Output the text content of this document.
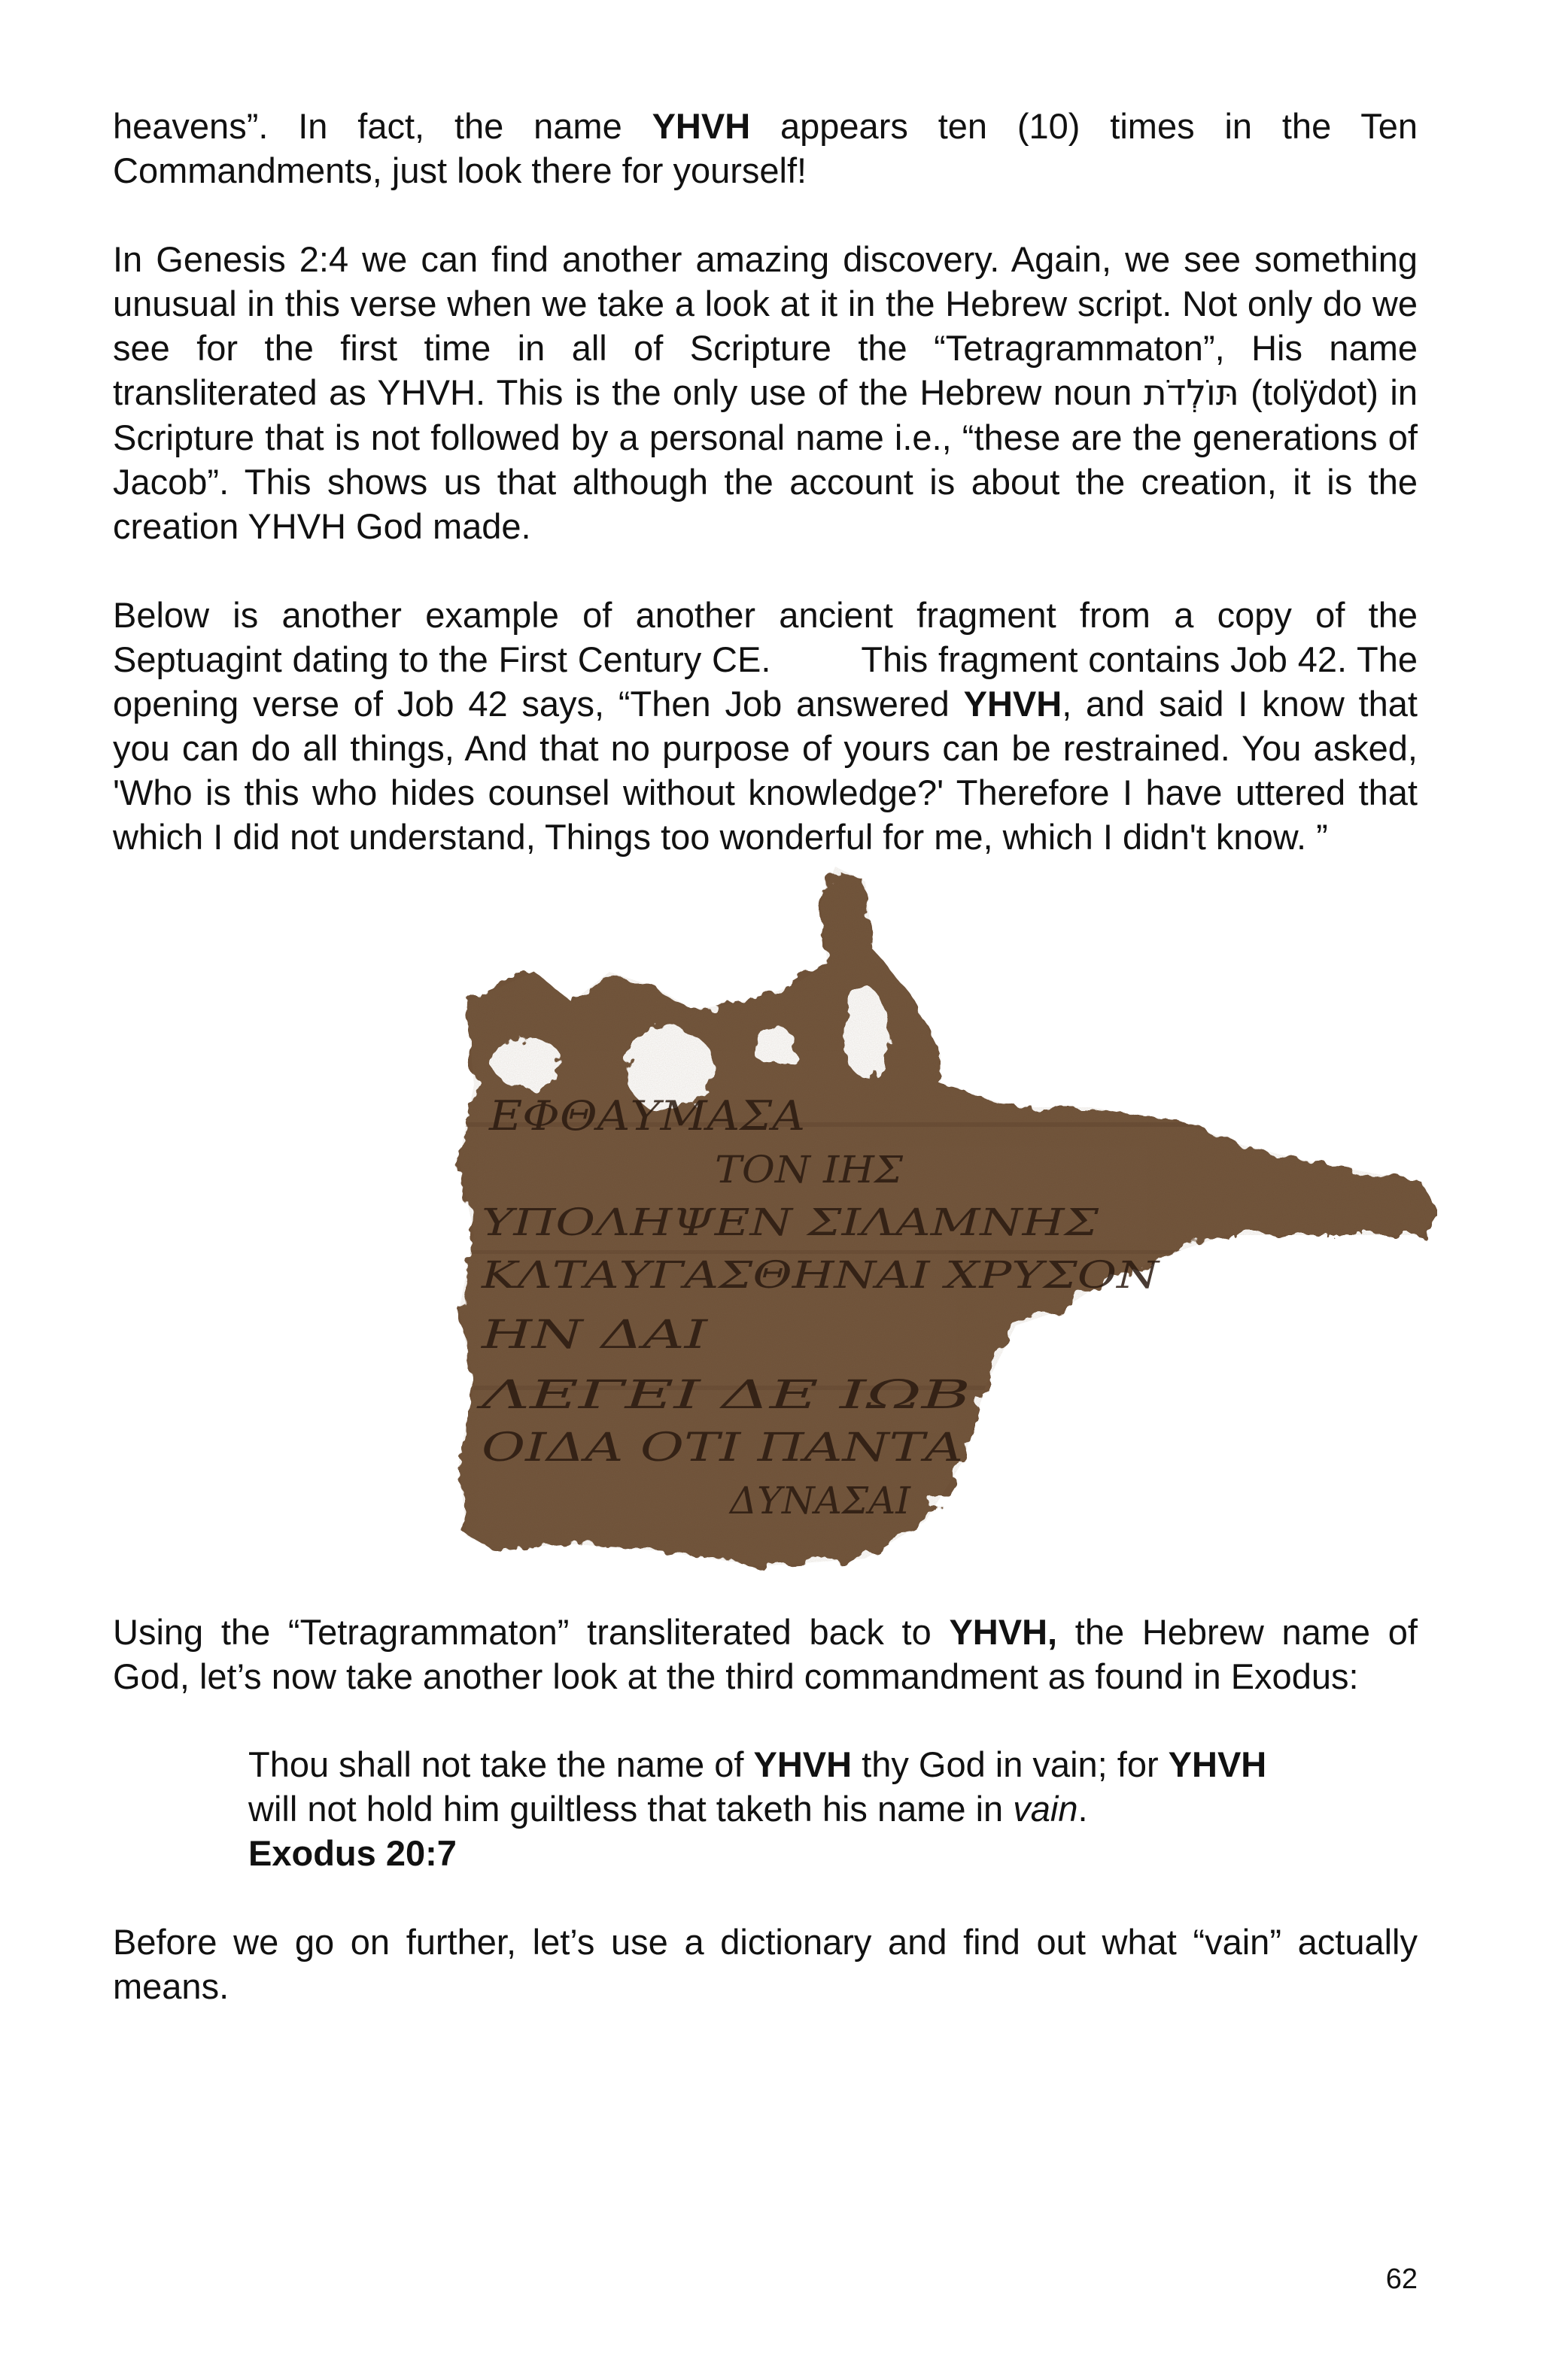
heavens”. In fact, the name YHVH appears ten (10) times in the Ten Commandments, just look there for yourself!

In Genesis 2:4 we can find another amazing discovery. Again, we see something unusual in this verse when we take a look at it in the Hebrew script. Not only do we see for the first time in all of Scripture the “Tetragrammaton”, His name transliterated as YHVH. This is the only use of the Hebrew noun תּוֹלְדֹת (tolÿdot) in Scripture that is not followed by a personal name i.e., “these are the generations of Jacob”. This shows us that although the account is about the creation, it is the creation YHVH God made.

Below is another example of another ancient fragment from a copy of the Septuagint dating to the First Century CE.	This fragment contains Job 42. The opening verse of Job 42 says, “Then Job answered YHVH, and said I know that you can do all things, And that no purpose of yours can be restrained. You asked, 'Who is this who hides counsel without knowledge?' Therefore I have uttered that which I did not understand, Things too wonderful for me, which I didn't know. ”

ΕΦΘΑΥΜΑΣΑ
ΤΟΝ ΙΗΣ
ΥΠΟΛΗΨΕΝ ΣΙΛΑΜΝΗΣ
ΚΛΤΑΥΓΑΣΘΗΝΑΙ ΧΡΥΣΟΝ
ΗΝ ΔΑΙ
ΛΕΓΕΙ ΔΕ ΙΩΒ
ΟΙΔΑ ΟΤΙ ΠΑΝΤΑ
ΔΥΝΑΣΑΙ

Using the “Tetragrammaton” transliterated back to YHVH, the Hebrew name of God, let’s now take another look at the third commandment as found in Exodus:

Thou shall not take the name of YHVH thy God in vain; for YHVH will not hold him guiltless that taketh his name in vain.
Exodus 20:7

Before we go on further, let’s use a dictionary and find out what “vain” actually means.

62
